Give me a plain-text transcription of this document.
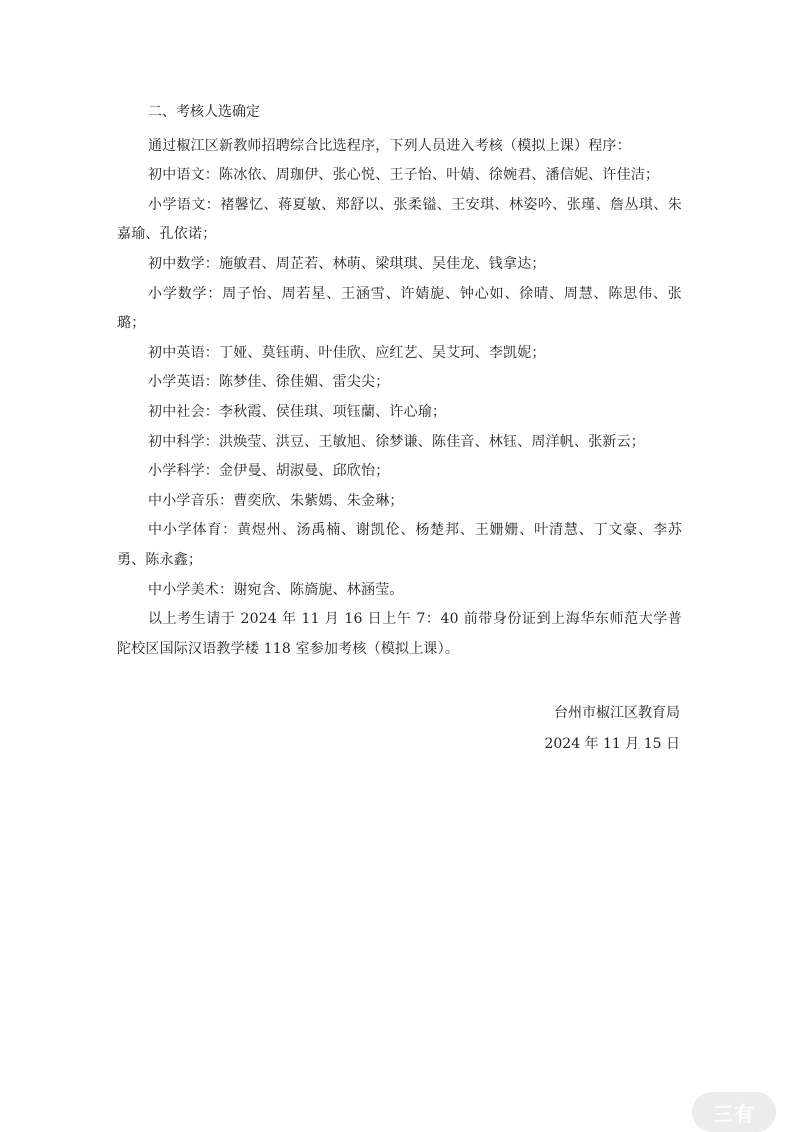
二、考核人选确定

通过椒江区新教师招聘综合比选程序，下列人员进入考核（模拟上课）程序：

初中语文：陈冰依、周珈伊、张心悦、王子怡、叶婧、徐婉君、潘信妮、许佳洁；

小学语文：褚馨忆、蒋夏敏、郑舒以、张柔镒、王安琪、林姿吟、张瑾、詹丛琪、朱嘉瑜、孔依诺；

初中数学：施敏君、周芷若、林萌、梁琪琪、吴佳龙、钱拿达；

小学数学：周子怡、周若星、王涵雪、许婧旎、钟心如、徐晴、周慧、陈思伟、张璐；

初中英语：丁娅、莫钰萌、叶佳欣、应红艺、吴艾珂、李凯妮；

小学英语：陈梦佳、徐佳媚、雷尖尖；

初中社会：李秋霞、侯佳琪、项钰蘭、许心瑜；

初中科学：洪焕莹、洪豆、王敏旭、徐梦谦、陈佳音、林钰、周洋帆、张新云；

小学科学：金伊曼、胡淑曼、邱欣怡；

中小学音乐：曹奕欣、朱紫嫣、朱金琳；

中小学体育：黄煜州、汤禹楠、谢凯伦、杨楚邦、王姗姗、叶清慧、丁文豪、李苏勇、陈永鑫；

中小学美术：谢宛含、陈旖旎、林涵莹。

以上考生请于 2024 年 11 月 16 日上午 7：40 前带身份证到上海华东师范大学普陀校区国际汉语教学楼 118 室参加考核（模拟上课）。

台州市椒江区教育局
2024 年 11 月 15 日
三有
